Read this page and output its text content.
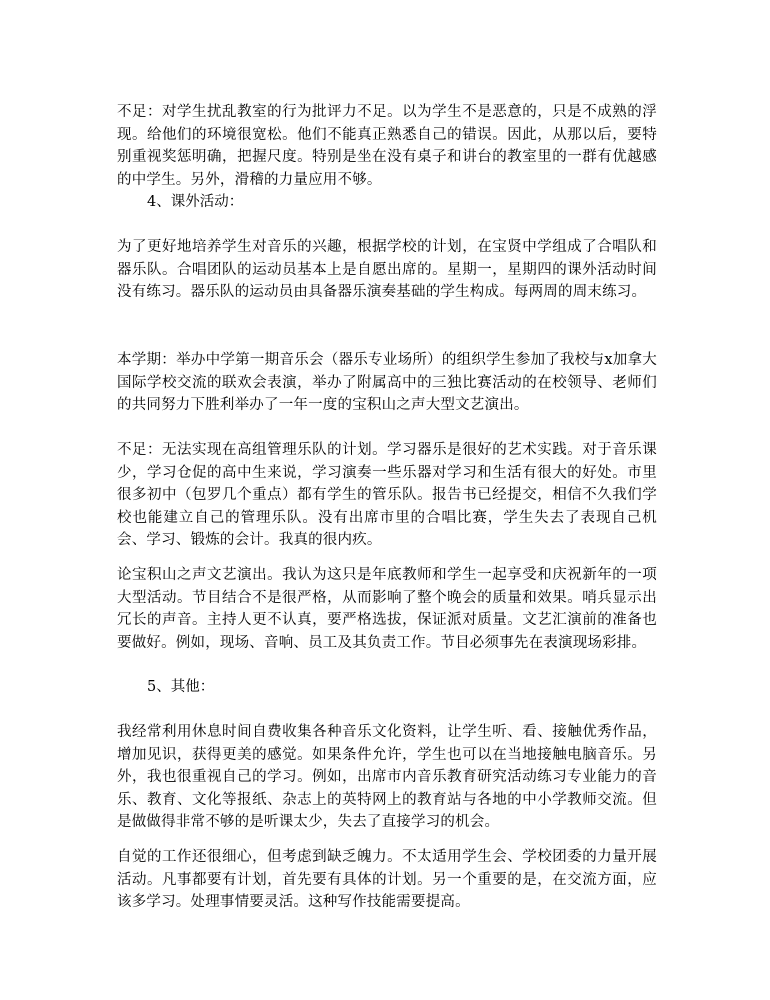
不足：对学生扰乱教室的行为批评力不足。以为学生不是恶意的，只是不成熟的浮现。给他们的环境很宽松。他们不能真正熟悉自己的错误。因此，从那以后，要特别重视奖惩明确，把握尺度。特别是坐在没有桌子和讲台的教室里的一群有优越感的中学生。另外，滑稽的力量应用不够。

4、课外活动：

为了更好地培养学生对音乐的兴趣，根据学校的计划，在宝贤中学组成了合唱队和器乐队。合唱团队的运动员基本上是自愿出席的。星期一，星期四的课外活动时间没有练习。器乐队的运动员由具备器乐演奏基础的学生构成。每两周的周末练习。

本学期：举办中学第一期音乐会（器乐专业场所）的组织学生参加了我校与x加拿大国际学校交流的联欢会表演，举办了附属高中的三独比赛活动的在校领导、老师们的共同努力下胜利举办了一年一度的宝积山之声大型文艺演出。

不足：无法实现在高组管理乐队的计划。学习器乐是很好的艺术实践。对于音乐课少，学习仓促的高中生来说，学习演奏一些乐器对学习和生活有很大的好处。市里很多初中（包罗几个重点）都有学生的管乐队。报告书已经提交，相信不久我们学校也能建立自己的管理乐队。没有出席市里的合唱比赛，学生失去了表现自己机会、学习、锻炼的会计。我真的很内疚。

论宝积山之声文艺演出。我认为这只是年底教师和学生一起享受和庆祝新年的一项大型活动。节目结合不是很严格，从而影响了整个晚会的质量和效果。哨兵显示出冗长的声音。主持人更不认真，要严格选拔，保证派对质量。文艺汇演前的准备也要做好。例如，现场、音响、员工及其负责工作。节目必须事先在表演现场彩排。

5、其他：

我经常利用休息时间自费收集各种音乐文化资料，让学生听、看、接触优秀作品，增加见识，获得更美的感觉。如果条件允许，学生也可以在当地接触电脑音乐。另外，我也很重视自己的学习。例如，出席市内音乐教育研究活动练习专业能力的音乐、教育、文化等报纸、杂志上的英特网上的教育站与各地的中小学教师交流。但是做做得非常不够的是听课太少，失去了直接学习的机会。

自觉的工作还很细心，但考虑到缺乏魄力。不太适用学生会、学校团委的力量开展活动。凡事都要有计划，首先要有具体的计划。另一个重要的是，在交流方面，应该多学习。处理事情要灵活。这种写作技能需要提高。
